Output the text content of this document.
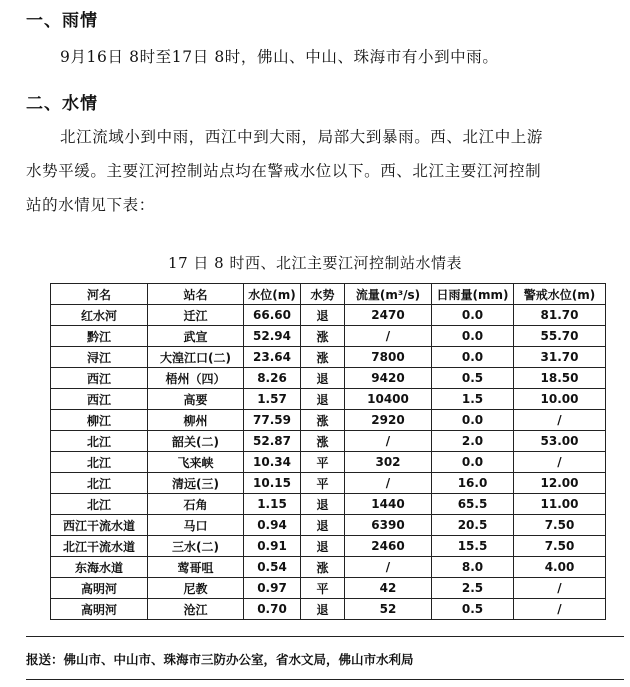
一、雨情
9月16日 8时至17日 8时，佛山、中山、珠海市有小到中雨。
二、水情
北江流域小到中雨，西江中到大雨，局部大到暴雨。西、北江中上游
水势平缓。主要江河控制站点均在警戒水位以下。西、北江主要江河控制
站的水情见下表：
17 日 8 时西、北江主要江河控制站水情表
河名	站名	水位(m)	水势	流量(m³/s)	日雨量(mm)	警戒水位(m)
红水河	迁江	66.60	退	2470	0.0	81.70
黔江	武宣	52.94	涨	/	0.0	55.70
浔江	大湟江口(二)	23.64	涨	7800	0.0	31.70
西江	梧州（四）	8.26	退	9420	0.5	18.50
西江	高要	1.57	退	10400	1.5	10.00
柳江	柳州	77.59	涨	2920	0.0	/
北江	韶关(二)	52.87	涨	/	2.0	53.00
北江	飞来峡	10.34	平	302	0.0	/
北江	清远(三)	10.15	平	/	16.0	12.00
北江	石角	1.15	退	1440	65.5	11.00
西江干流水道	马口	0.94	退	6390	20.5	7.50
北江干流水道	三水(二)	0.91	退	2460	15.5	7.50
东海水道	莺哥咀	0.54	涨	/	8.0	4.00
高明河	尼教	0.97	平	42	2.5	/
高明河	沧江	0.70	退	52	0.5	/
报送：佛山市、中山市、珠海市三防办公室，省水文局，佛山市水利局
